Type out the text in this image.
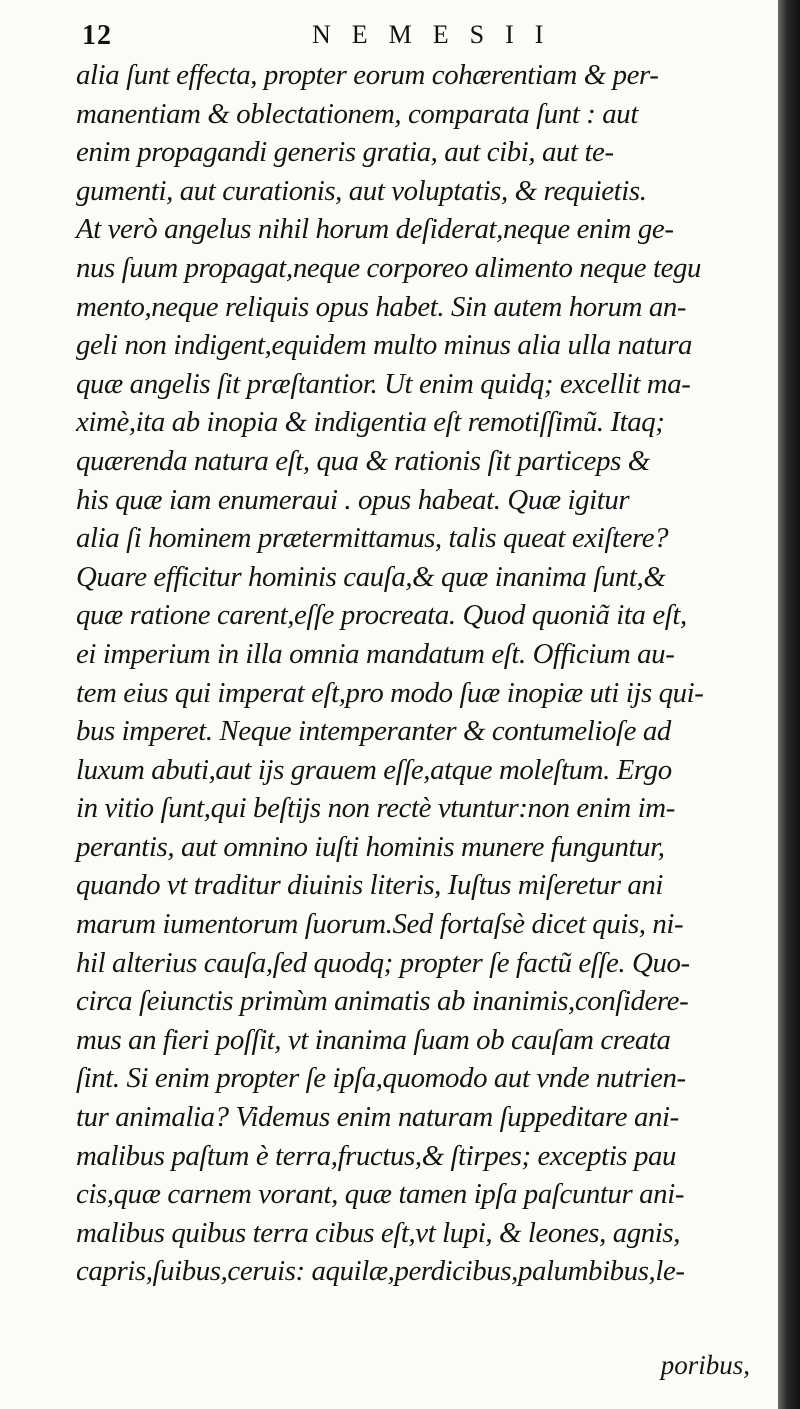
12	NEMESII
alia ſunt effecta, propter eorum cohærentiam & per-
manentiam & oblectationem, comparata ſunt : aut
enim propagandi generis gratia, aut cibi, aut te-
gumenti, aut curationis, aut voluptatis, & requietis.
At verò angelus nihil horum deſiderat,neque enim ge-
nus ſuum propagat,neque corporeo alimento neque tegu
mento,neque reliquis opus habet. Sin autem horum an-
geli non indigent,equidem multo minus alia ulla natura
quæ angelis ſit præſtantior. Ut enim quidq; excellit ma-
ximè,ita ab inopia & indigentia eſt remotiſſimũ. Itaq;
quærenda natura eſt, qua & rationis ſit particeps &
his quæ iam enumeraui . opus habeat. Quæ igitur
alia ſi hominem prætermittamus, talis queat exiſtere?
Quare efficitur hominis cauſa,& quæ inanima ſunt,&
quæ ratione carent,eſſe procreata. Quod quoniã ita eſt,
ei imperium in illa omnia mandatum eſt. Officium au-
tem eius qui imperat eſt,pro modo ſuæ inopiæ uti ijs qui-
bus imperet. Neque intemperanter & contumelioſe ad
luxum abuti,aut ijs grauem eſſe,atque moleſtum. Ergo
in vitio ſunt,qui beſtijs non rectè vtuntur:non enim im-
perantis, aut omnino iuſti hominis munere funguntur,
quando vt traditur diuinis literis, Iuſtus miſeretur ani
marum iumentorum ſuorum.Sed fortaſsè dicet quis, ni-
hil alterius cauſa,ſed quodq; propter ſe factũ eſſe. Quo-
circa ſeiunctis primùm animatis ab inanimis,conſidere-
mus an fieri poſſit, vt inanima ſuam ob cauſam creata
ſint. Si enim propter ſe ipſa,quomodo aut vnde nutrien-
tur animalia? Videmus enim naturam ſuppeditare ani-
malibus paſtum è terra,fructus,& ſtirpes; exceptis pau
cis,quæ carnem vorant, quæ tamen ipſa paſcuntur ani-
malibus quibus terra cibus eſt,vt lupi, & leones, agnis,
capris,ſuibus,ceruis: aquilæ,perdicibus,palumbibus,le-
poribus,
